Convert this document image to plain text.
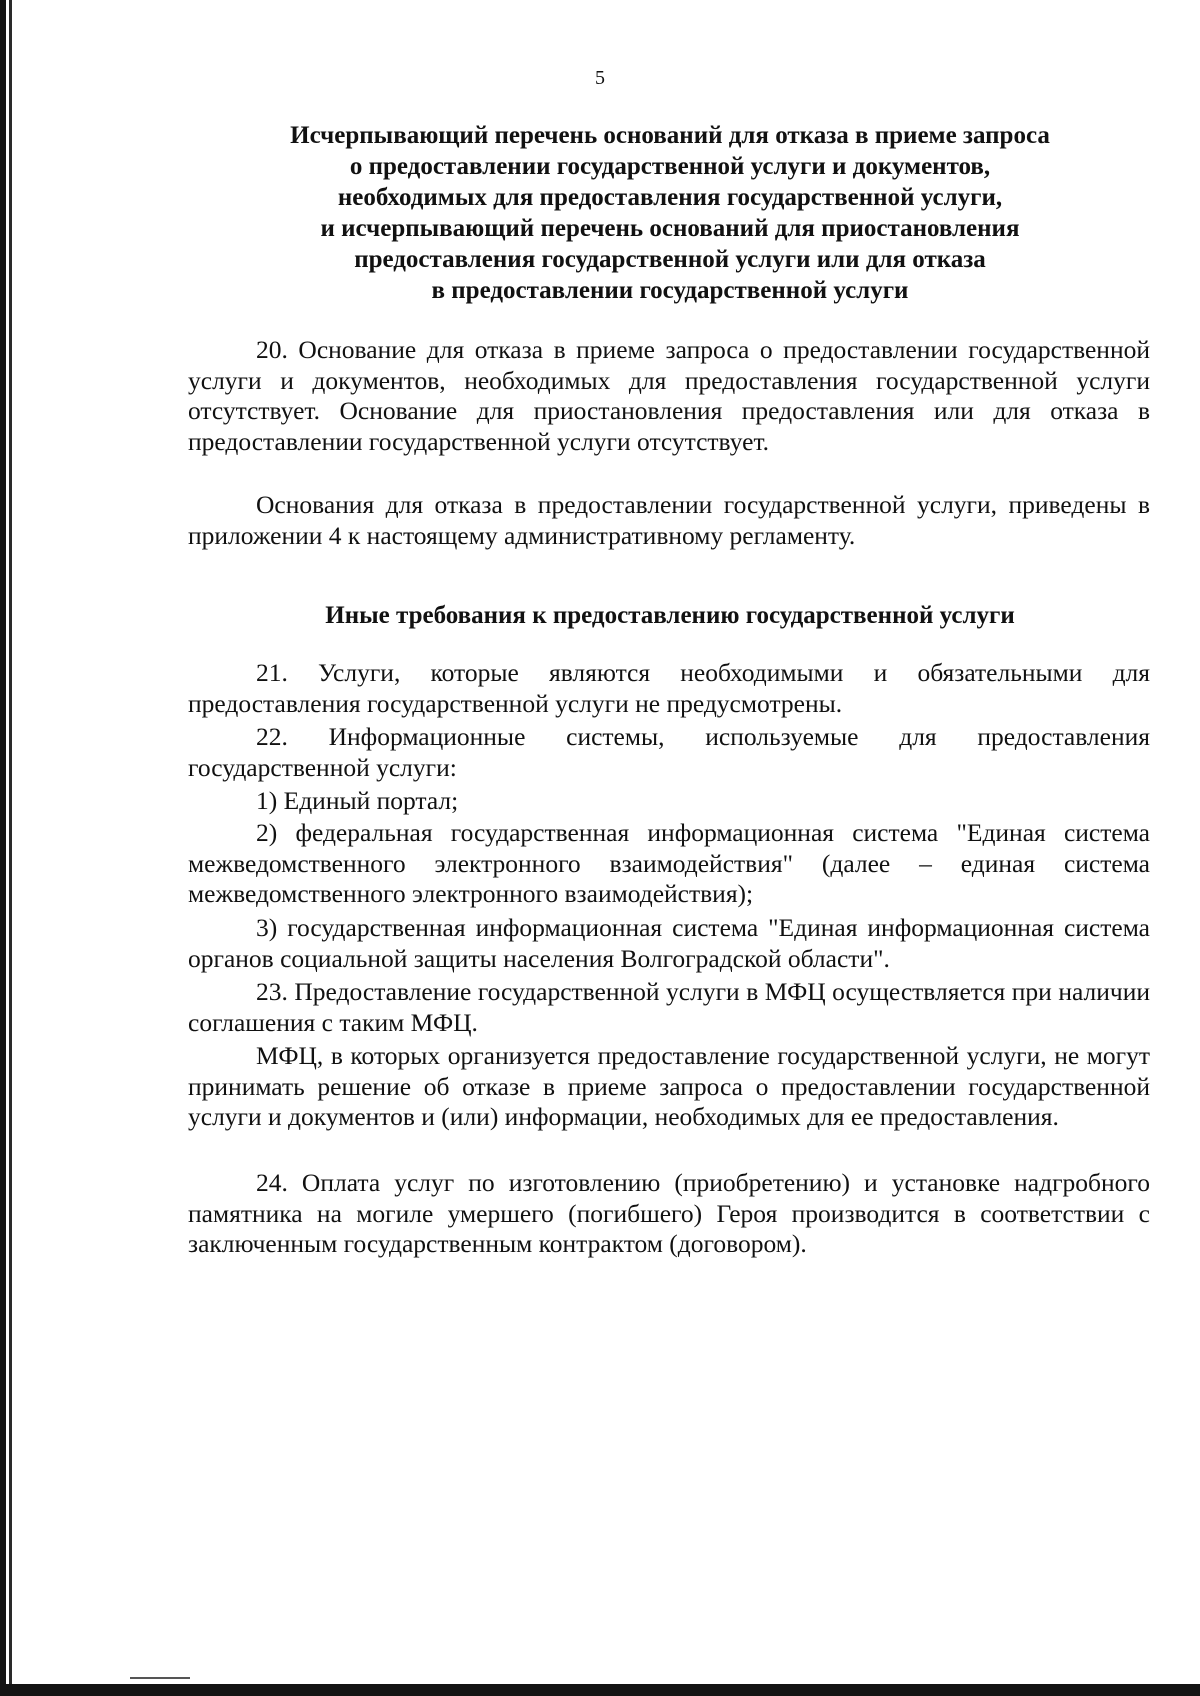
5
Исчерпывающий перечень оснований для отказа в приеме запроса
о предоставлении государственной услуги и документов,
необходимых для предоставления государственной услуги,
и исчерпывающий перечень оснований для приостановления
предоставления государственной услуги или для отказа
в предоставлении государственной услуги

20. Основание для отказа в приеме запроса о предоставлении государственной услуги и документов, необходимых для предоставления государственной услуги отсутствует. Основание для приостановления предоставления или для отказа в предоставлении государственной услуги отсутствует.

Основания для отказа в предоставлении государственной услуги, приведены в приложении 4 к настоящему административному регламенту.

Иные требования к предоставлению государственной услуги

21. Услуги, которые являются необходимыми и обязательными для предоставления государственной услуги не предусмотрены.

22. Информационные системы, используемые для предоставления государственной услуги:

1) Единый портал;

2) федеральная государственная информационная система "Единая система межведомственного электронного взаимодействия" (далее – единая система межведомственного электронного взаимодействия);

3) государственная информационная система "Единая информационная система органов социальной защиты населения Волгоградской области".

23. Предоставление государственной услуги в МФЦ осуществляется при наличии соглашения с таким МФЦ.

МФЦ, в которых организуется предоставление государственной услуги, не могут принимать решение об отказе в приеме запроса о предоставлении государственной услуги и документов и (или) информации, необходимых для ее предоставления.

24. Оплата услуг по изготовлению (приобретению) и установке надгробного памятника на могиле умершего (погибшего) Героя производится в соответствии с заключенным государственным контрактом (договором).
